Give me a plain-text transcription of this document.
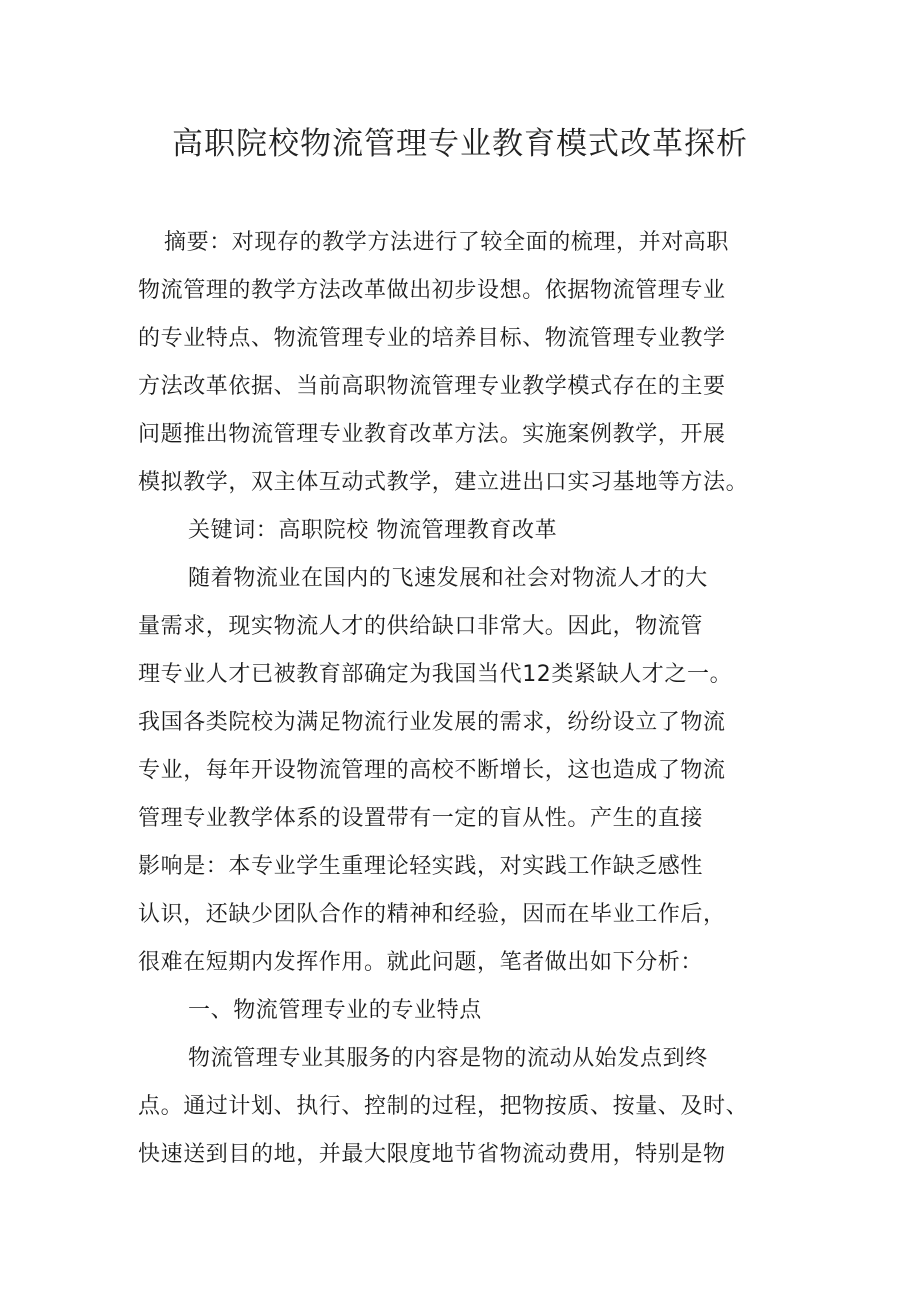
高职院校物流管理专业教育模式改革探析
摘要：对现存的教学方法进行了较全面的梳理，并对高职
物流管理的教学方法改革做出初步设想。依据物流管理专业
的专业特点、物流管理专业的培养目标、物流管理专业教学
方法改革依据、当前高职物流管理专业教学模式存在的主要
问题推出物流管理专业教育改革方法。实施案例教学，开展
模拟教学，双主体互动式教学，建立进出口实习基地等方法。
关键词：高职院校 物流管理教育改革
随着物流业在国内的飞速发展和社会对物流人才的大
量需求，现实物流人才的供给缺口非常大。因此，物流管
理专业人才已被教育部确定为我国当代12类紧缺人才之一。
我国各类院校为满足物流行业发展的需求，纷纷设立了物流
专业，每年开设物流管理的高校不断增长，这也造成了物流
管理专业教学体系的设置带有一定的盲从性。产生的直接
影响是：本专业学生重理论轻实践，对实践工作缺乏感性
认识，还缺少团队合作的精神和经验，因而在毕业工作后，
很难在短期内发挥作用。就此问题，笔者做出如下分析：
一、物流管理专业的专业特点
物流管理专业其服务的内容是物的流动从始发点到终
点。通过计划、执行、控制的过程，把物按质、按量、及时、
快速送到目的地，并最大限度地节省物流动费用，特别是物
